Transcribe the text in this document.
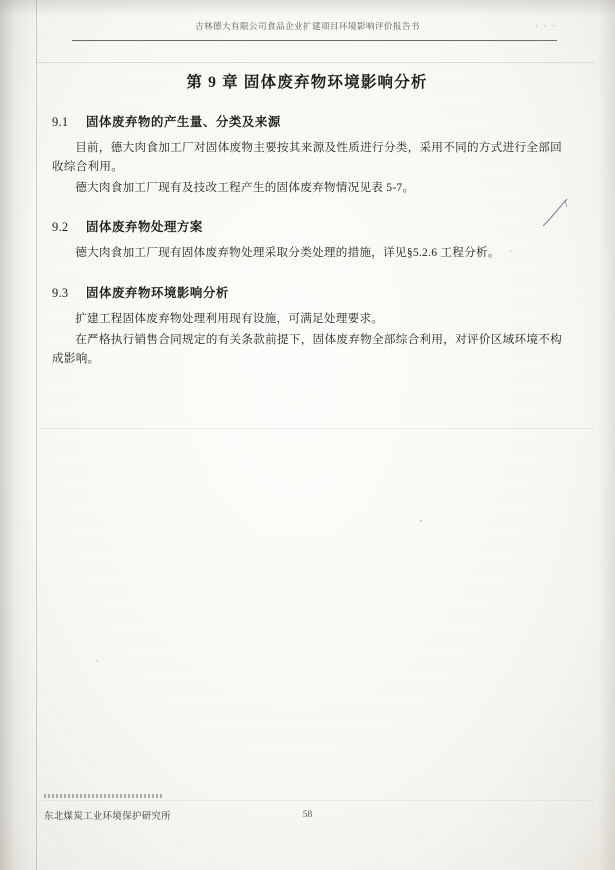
吉林德大有限公司食品企业扩建项目环境影响评价报告书	· · ·
第 9 章 固体废弃物环境影响分析
9.1 固体废弃物的产生量、分类及来源
目前，德大肉食加工厂对固体废物主要按其来源及性质进行分类，采用不同的方式进行全部回收综合利用。
德大肉食加工厂现有及技改工程产生的固体废弃物情况见表 5-7。
9.2 固体废弃物处理方案
德大肉食加工厂现有固体废弃物处理采取分类处理的措施，详见§5.2.6 工程分析。
9.3 固体废弃物环境影响分析
扩建工程固体废弃物处理利用现有设施，可满足处理要求。
在严格执行销售合同规定的有关条款前提下，固体废弃物全部综合利用，对评价区域环境不构成影响。
东北煤炭工业环境保护研究所	58
